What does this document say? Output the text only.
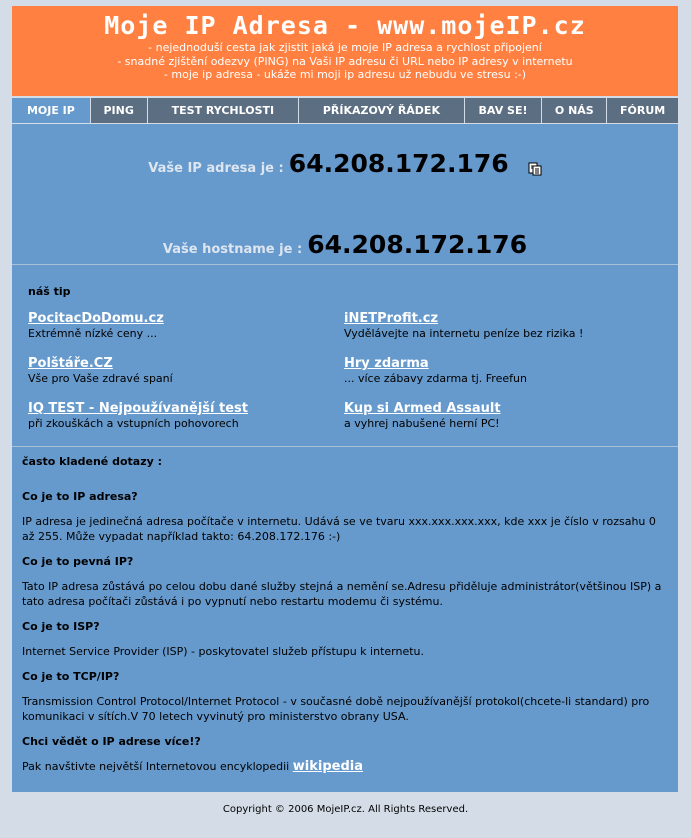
Moje IP Adresa - www.mojeIP.cz
- nejednoduší cesta jak zjistit jaká je moje IP adresa a rychlost připojení
- snadné zjištění odezvy (PING) na Vaši IP adresu či URL nebo IP adresy v internetu
- moje ip adresa - ukáže mi moji ip adresu už nebudu ve stresu :-)
MOJE IP	PING	TEST RYCHLOSTI	PŘÍKAZOVÝ ŘÁDEK	BAV SE!	O NÁS	FÓRUM
Vaše IP adresa je : 64.208.172.176
Vaše hostname je : 64.208.172.176
náš tip
PocitacDoDomu.cz
Extrémně nízké ceny ...
iNETProfit.cz
Vydělávejte na internetu peníze bez rizika !
Polštáře.CZ
Vše pro Vaše zdravé spaní
Hry zdarma
... více zábavy zdarma tj. Freefun
IQ TEST - Nejpoužívanější test
při zkouškách a vstupních pohovorech
Kup si Armed Assault
a vyhrej nabušené herní PC!

často kladené dotazy :

Co je to IP adresa?

IP adresa je jedinečná adresa počítače v internetu. Udává se ve tvaru xxx.xxx.xxx.xxx, kde xxx je číslo v rozsahu 0 až 255. Může vypadat například takto: 64.208.172.176 :-)

Co je to pevná IP?

Tato IP adresa zůstává po celou dobu dané služby stejná a nemění se.Adresu přiděluje administrátor(většinou ISP) a tato adresa počítači zůstává i po vypnutí nebo restartu modemu či systému.

Co je to ISP?

Internet Service Provider (ISP) - poskytovatel služeb přístupu k internetu.

Co je to TCP/IP?

Transmission Control Protocol/Internet Protocol - v současné době nejpoužívanější protokol(chcete-li standard) pro komunikaci v sítích.V 70 letech vyvinutý pro ministerstvo obrany USA.

Chci vědět o IP adrese více!?

Pak navštivte největší Internetovou encyklopedii wikipedia

Copyright © 2006 MojeIP.cz. All Rights Reserved.
